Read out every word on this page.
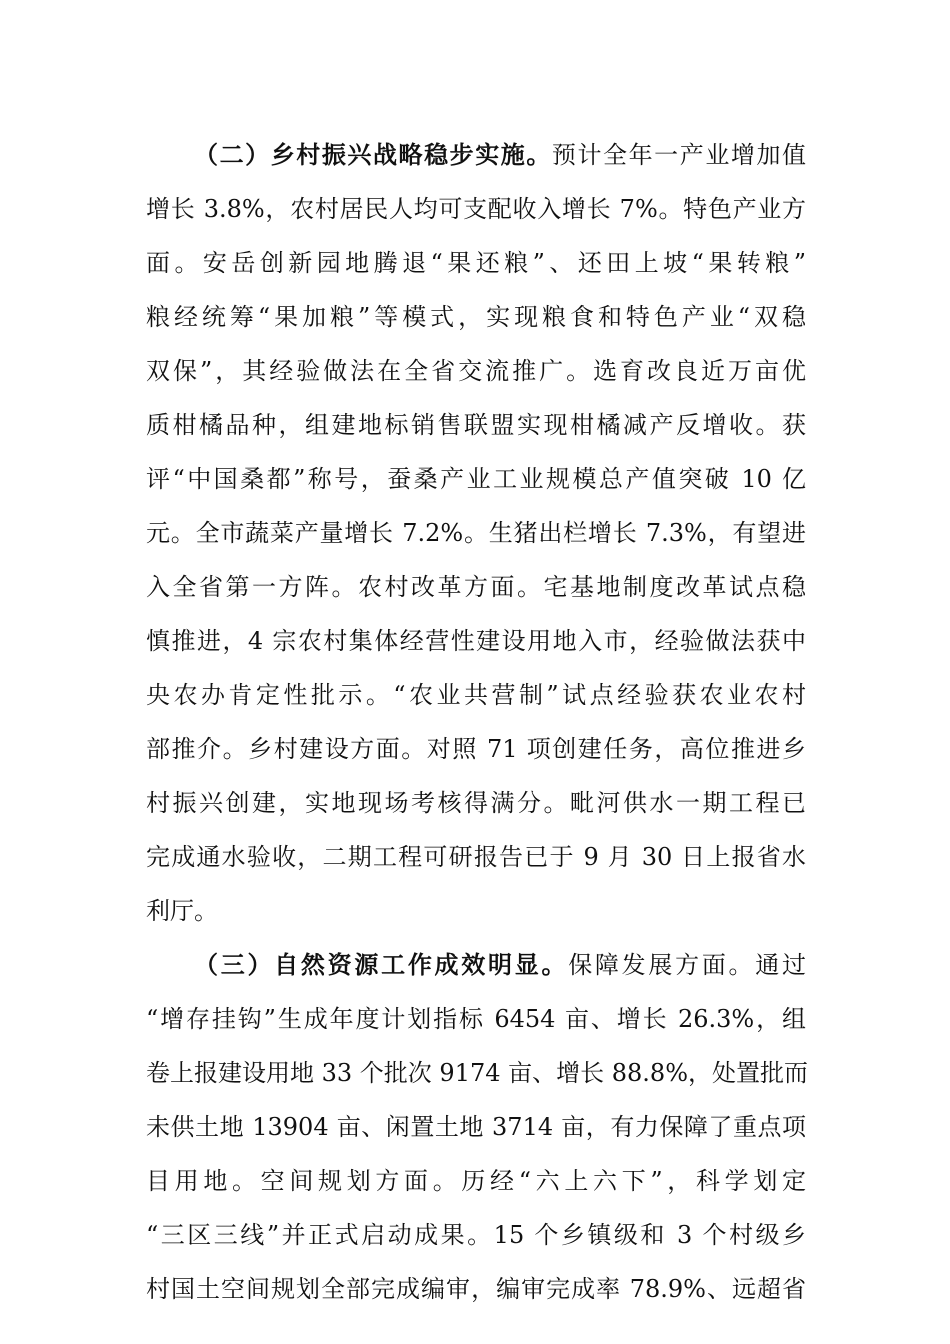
（二）乡村振兴战略稳步实施。预计全年一产业增加值
增长 3.8%，农村居民人均可支配收入增长 7%。特色产业方
面。安岳创新园地腾退“果还粮”、还田上坡“果转粮”
粮经统筹“果加粮”等模式，实现粮食和特色产业“双稳
双保”，其经验做法在全省交流推广。选育改良近万亩优
质柑橘品种，组建地标销售联盟实现柑橘减产反增收。获
评“中国桑都”称号，蚕桑产业工业规模总产值突破 10 亿
元。全市蔬菜产量增长 7.2%。生猪出栏增长 7.3%，有望进
入全省第一方阵。农村改革方面。宅基地制度改革试点稳
慎推进，4 宗农村集体经营性建设用地入市，经验做法获中
央农办肯定性批示。“农业共营制”试点经验获农业农村
部推介。乡村建设方面。对照 71 项创建任务，高位推进乡
村振兴创建，实地现场考核得满分。毗河供水一期工程已
完成通水验收，二期工程可研报告已于 9 月 30 日上报省水
利厅。
（三）自然资源工作成效明显。保障发展方面。通过
“增存挂钩”生成年度计划指标 6454 亩、增长 26.3%，组
卷上报建设用地 33 个批次 9174 亩、增长 88.8%，处置批而
未供土地 13904 亩、闲置土地 3714 亩，有力保障了重点项
目用地。空间规划方面。历经“六上六下”，科学划定
“三区三线”并正式启动成果。15 个乡镇级和 3 个村级乡
村国土空间规划全部完成编审，编审完成率 78.9%、远超省
